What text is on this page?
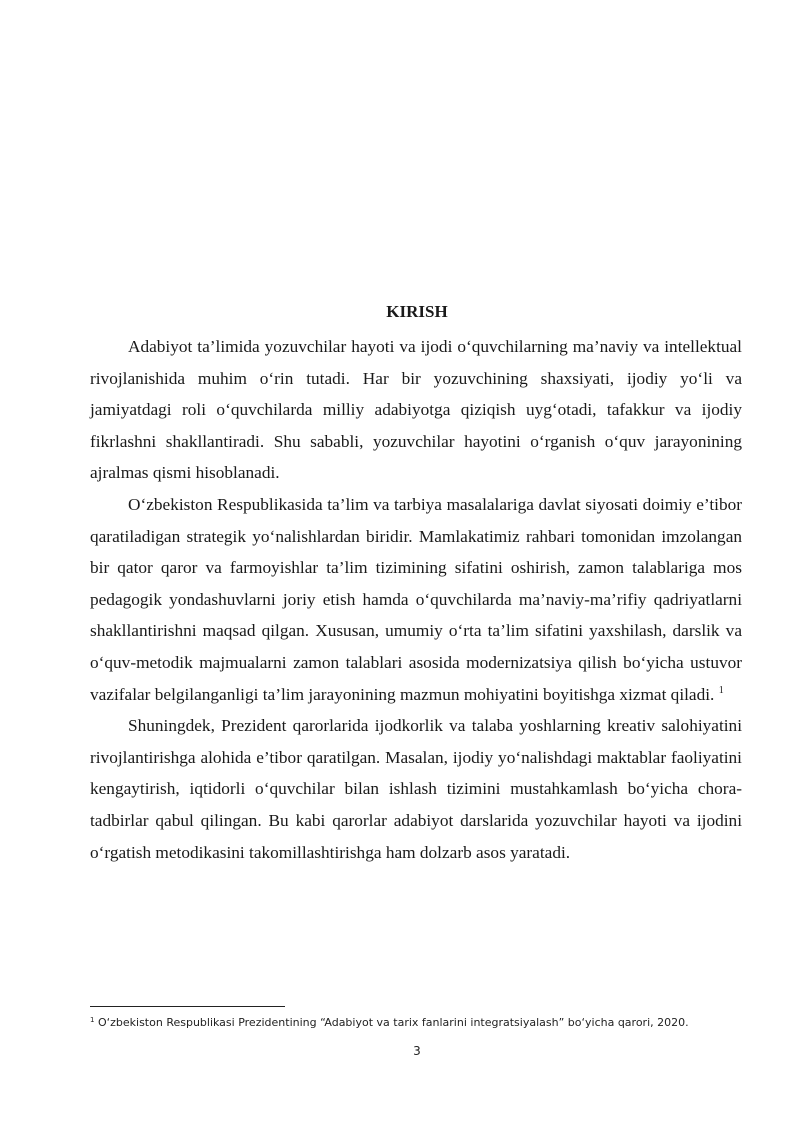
KIRISH

Adabiyot ta’limida yozuvchilar hayoti va ijodi o‘quvchilarning ma’naviy va intellektual rivojlanishida muhim o‘rin tutadi. Har bir yozuvchining shaxsiyati, ijodiy yo‘li va jamiyatdagi roli o‘quvchilarda milliy adabiyotga qiziqish uyg‘otadi, tafakkur va ijodiy fikrlashni shakllantiradi. Shu sababli, yozuvchilar hayotini o‘rganish o‘quv jarayonining ajralmas qismi hisoblanadi.

O‘zbekiston Respublikasida ta’lim va tarbiya masalalariga davlat siyosati doimiy e’tibor qaratiladigan strategik yo‘nalishlardan biridir. Mamlakatimiz rahbari tomonidan imzolangan bir qator qaror va farmoyishlar ta’lim tizimining sifatini oshirish, zamon talablariga mos pedagogik yondashuvlarni joriy etish hamda o‘quvchilarda ma’naviy-ma’rifiy qadriyatlarni shakllantirishni maqsad qilgan. Xususan, umumiy o‘rta ta’lim sifatini yaxshilash, darslik va o‘quv-metodik majmualarni zamon talablari asosida modernizatsiya qilish bo‘yicha ustuvor vazifalar belgilanganligi ta’lim jarayonining mazmun mohiyatini boyitishga xizmat qiladi. $^1$

Shuningdek, Prezident qarorlarida ijodkorlik va talaba yoshlarning kreativ salohiyatini rivojlantirishga alohida e’tibor qaratilgan. Masalan, ijodiy yo‘nalishdagi maktablar faoliyatini kengaytirish, iqtidorli o‘quvchilar bilan ishlash tizimini mustahkamlash bo‘yicha chora-tadbirlar qabul qilingan. Bu kabi qarorlar adabiyot darslarida yozuvchilar hayoti va ijodini o‘rgatish metodikasini takomillashtirishga ham dolzarb asos yaratadi.

$^1$ O‘zbekiston Respublikasi Prezidentining “Adabiyot va tarix fanlarini integratsiyalash” bo‘yicha qarori, 2020.
3
